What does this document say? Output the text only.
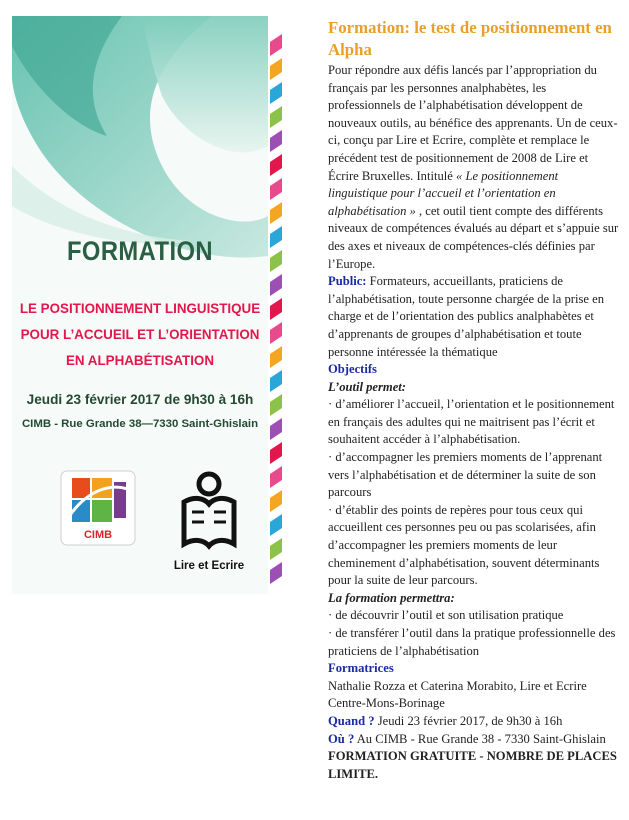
FORMATION
LE POSITIONNEMENT LINGUISTIQUE
POUR L’ACCUEIL ET L’ORIENTATION
EN ALPHABÉTISATION
Jeudi 23 février 2017 de 9h30 à 16h
CIMB - Rue Grande 38—7330 Saint-Ghislain
CIMB
Lire et Ecrire
Formation: le test de positionnement en Alpha

Pour répondre aux défis lancés par l’appropriation du français par les personnes analphabètes, les professionnels de l’alphabétisation développent de nouveaux outils, au bénéfice des apprenants. Un de ceux-ci, conçu par Lire et Ecrire, complète et remplace le précédent test de positionnement de 2008 de Lire et Écrire Bruxelles. Intitulé « Le positionnement linguistique pour l’accueil et l’orientation en alphabétisation » , cet outil tient compte des différents niveaux de compétences évalués au départ et s’appuie sur des axes et niveaux de compétences-clés définies par l’Europe.

Public: Formateurs, accueillants, praticiens de l’alphabétisation, toute personne chargée de la prise en charge et de l’orientation des publics analphabètes et d’apprenants de groupes d’alphabétisation et toute personne intéressée la thématique

Objectifs

L’outil permet:

· d’améliorer l’accueil, l’orientation et le positionnement en français des adultes qui ne maitrisent pas l’écrit et souhaitent accéder à l’alphabétisation.

· d’accompagner les premiers moments de l’apprenant vers l’alphabétisation et de déterminer la suite de son parcours

· d’établir des points de repères pour tous ceux qui accueillent ces personnes peu ou pas scolarisées, afin d’accompagner les premiers moments de leur cheminement d’alphabétisation, souvent déterminants pour la suite de leur parcours.

La formation permettra:

· de découvrir l’outil et son utilisation pratique

· de transférer l’outil dans la pratique professionnelle des praticiens de l’alphabétisation

Formatrices

Nathalie Rozza et Caterina Morabito, Lire et Ecrire Centre-Mons-Borinage

Quand ? Jeudi 23 février 2017, de 9h30 à 16h

Où ? Au CIMB - Rue Grande 38 - 7330 Saint-Ghislain

FORMATION GRATUITE - NOMBRE DE PLACES LIMITE.
